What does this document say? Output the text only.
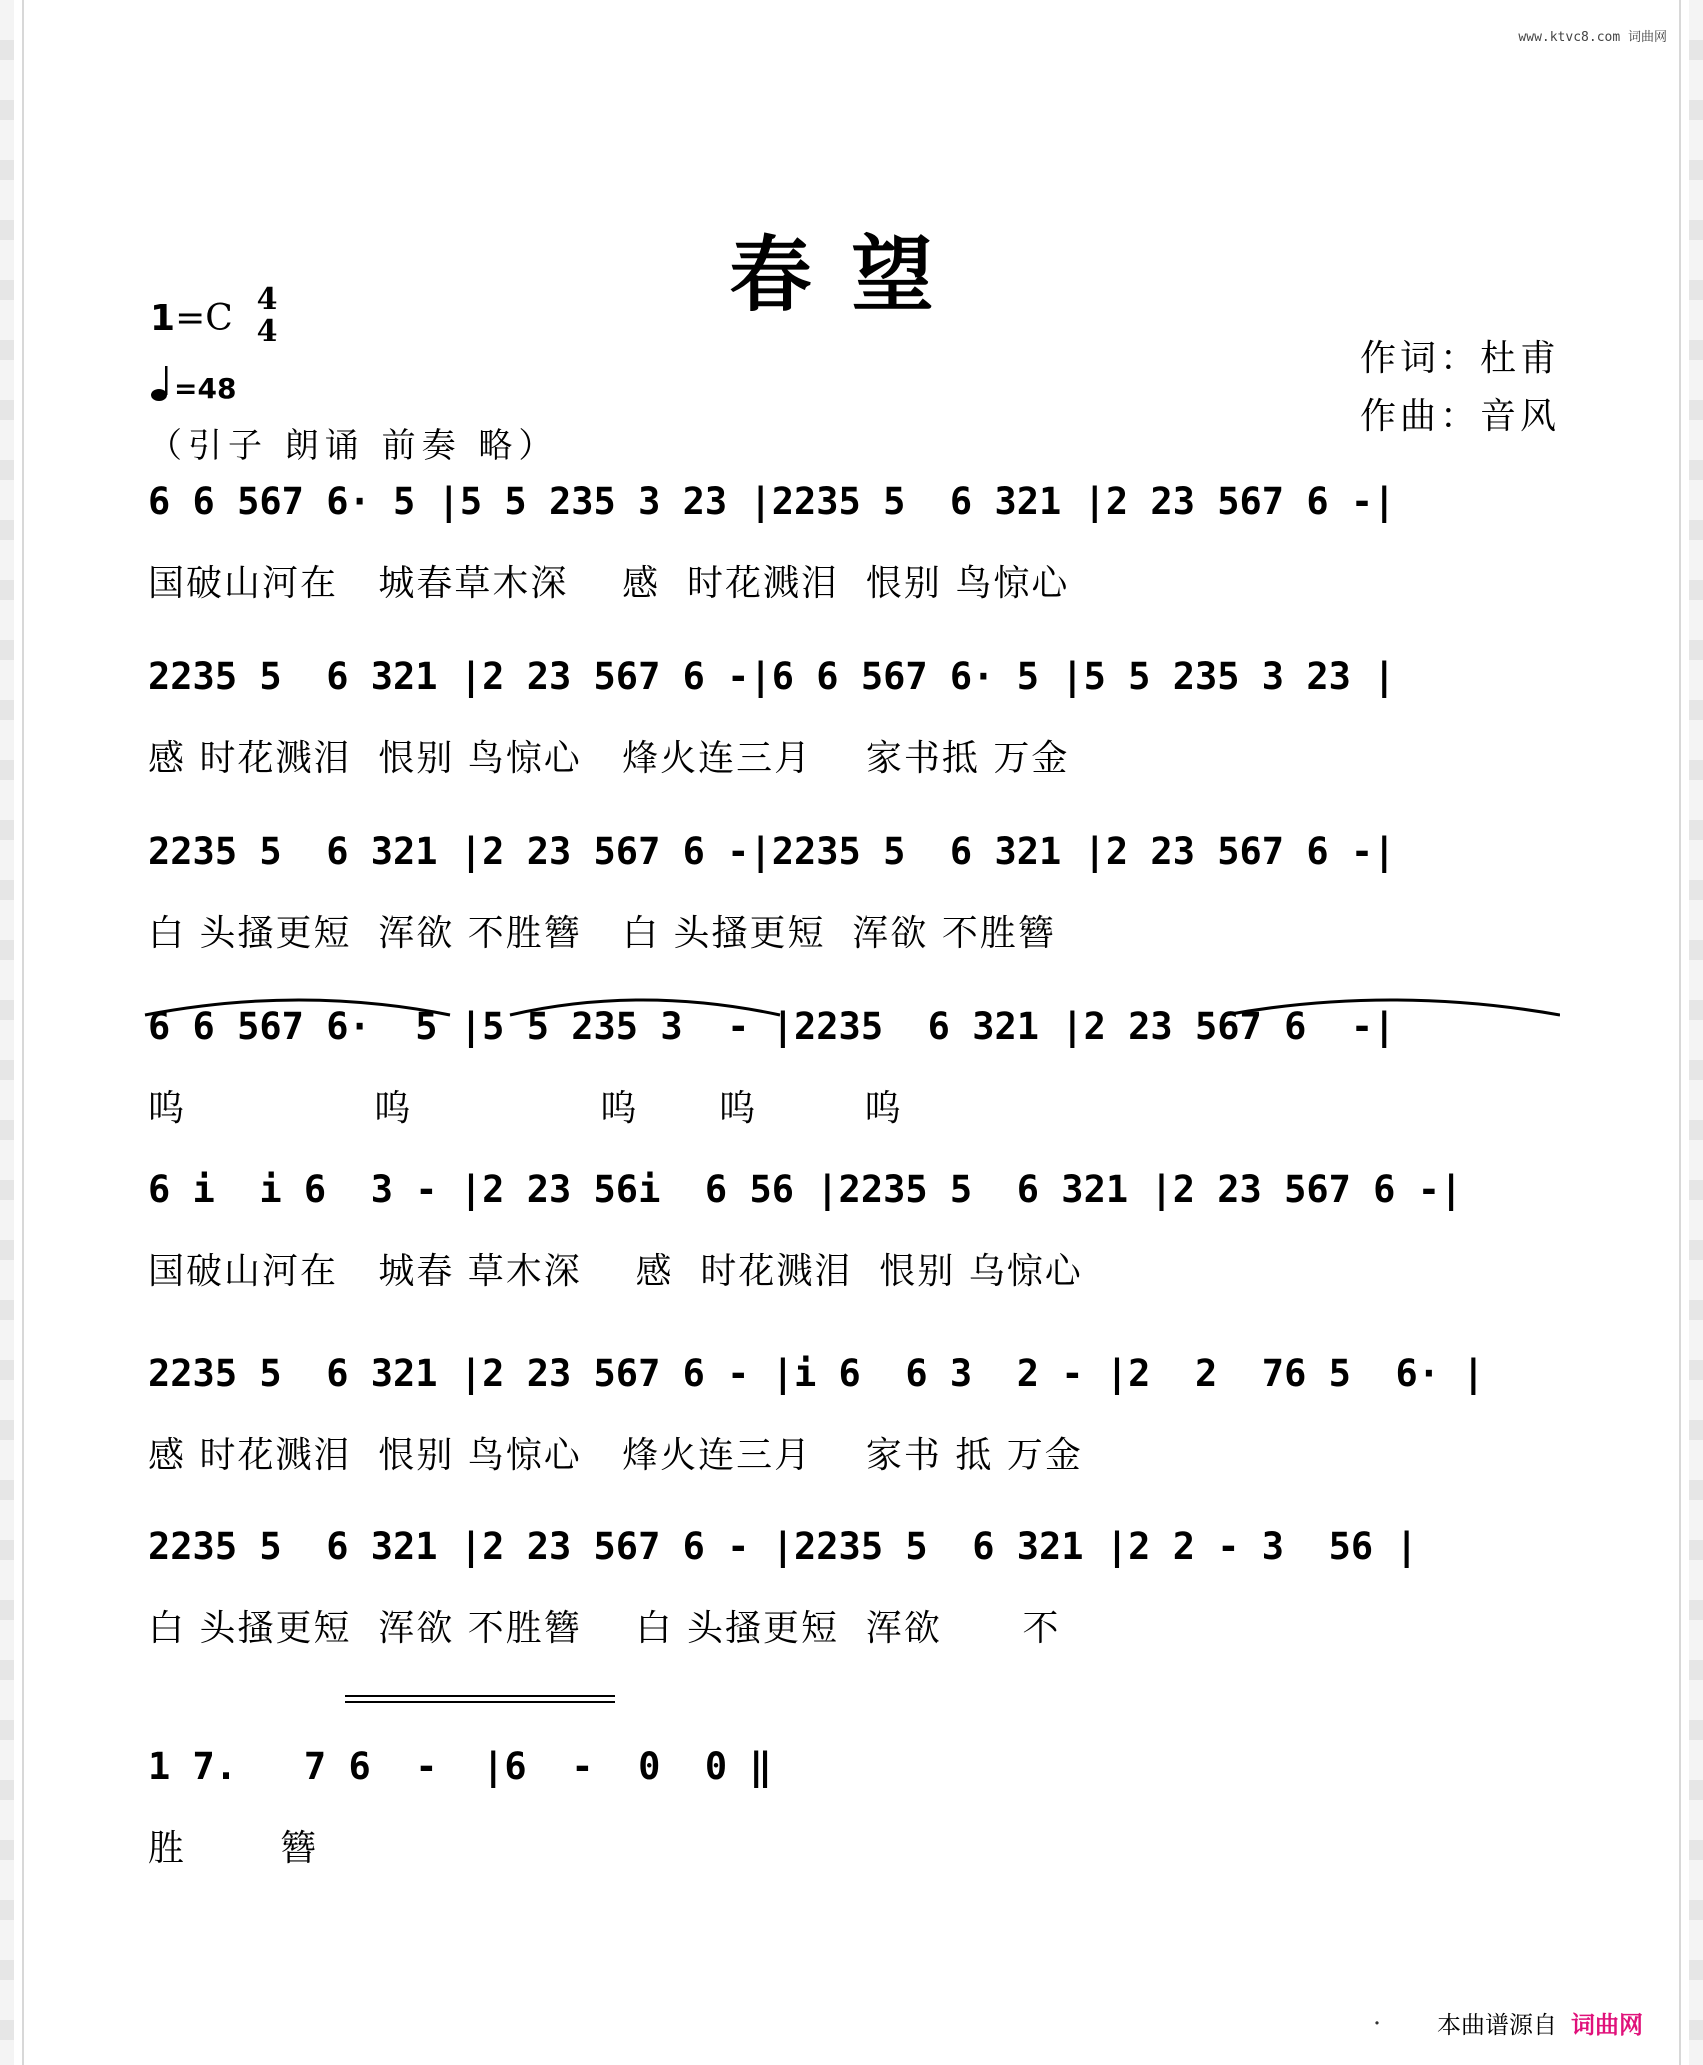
www.ktvc8.com 词曲网
春望
1=C 4
4
=48
（引子 朗诵 前奏 略）
作词：杜甫
作曲：音风
6 6 567 6· 5 |5 5 235 3 23 |2235 5  6 321 |2 23 567 6 -|
国破山河在   城春草木深    感  时花溅泪  恨别 鸟惊心
2235 5  6 321 |2 23 567 6 -|6 6 567 6· 5 |5 5 235 3 23 |
感 时花溅泪  恨别 鸟惊心   烽火连三月    家书抵 万金
2235 5  6 321 |2 23 567 6 -|2235 5  6 321 |2 23 567 6 -|
白 头搔更短  浑欲 不胜簪   白 头搔更短  浑欲 不胜簪
6 6 567 6·  5 |5 5 235 3  - |2235  6 321 |2 23 567 6  -|
呜              呜              呜      呜        呜
6 i  i 6  3 - |2 23 56i  6 56 |2235 5  6 321 |2 23 567 6 -|
国破山河在   城春 草木深    感  时花溅泪  恨别 乌惊心
2235 5  6 321 |2 23 567 6 - |i 6  6 3  2 - |2  2  76 5  6· |
感 时花溅泪  恨别 鸟惊心   烽火连三月    家书 抵 万金
2235 5  6 321 |2 23 567 6 - |2235 5  6 321 |2 2 - 3  56 |
白 头搔更短  浑欲 不胜簪    白 头搔更短  浑欲      不
1 7.   7 6  -  |6  -  0  0 ‖
胜       簪
・ 本曲谱源自 词曲网
